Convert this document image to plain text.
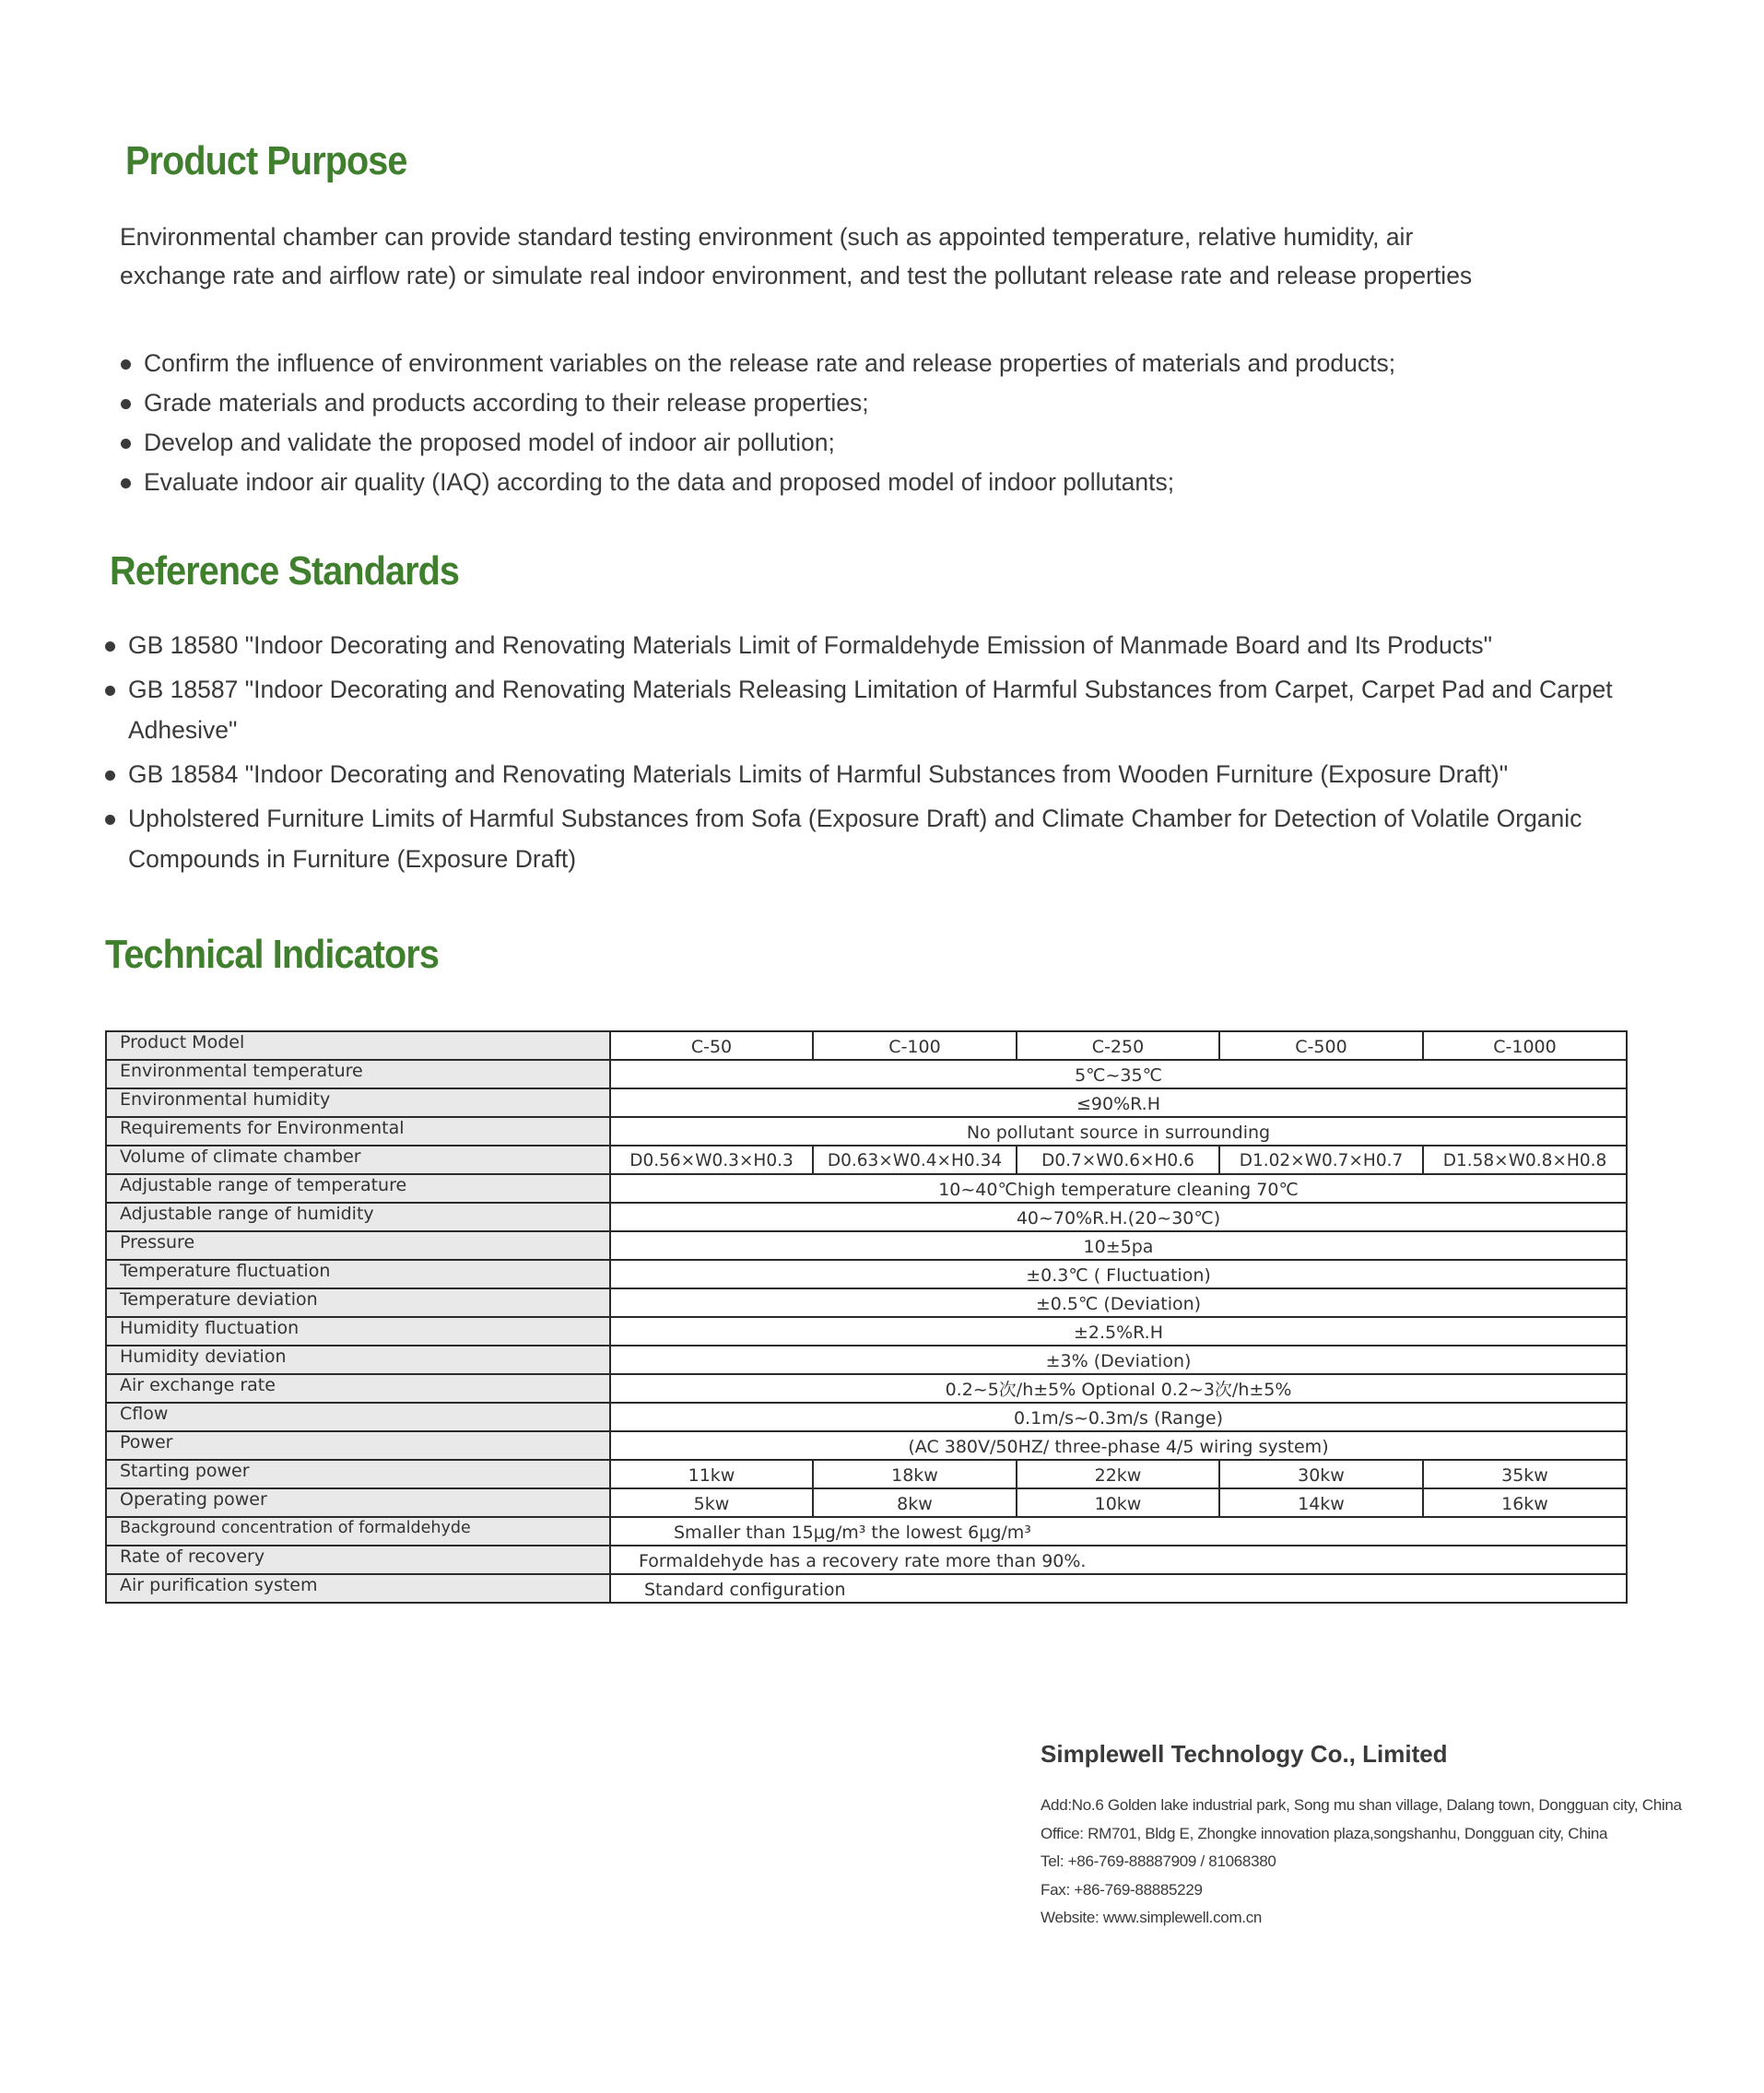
Product Purpose

Environmental chamber can provide standard testing environment (such as appointed temperature, relative humidity, air
exchange rate and airflow rate) or simulate real indoor environment, and test the pollutant release rate and release properties

Confirm the influence of environment variables on the release rate and release properties of materials and products;
Grade materials and products according to their release properties;
Develop and validate the proposed model of indoor air pollution;
Evaluate indoor air quality (IAQ) according to the data and proposed model of indoor pollutants;
Reference Standards
GB 18580 "Indoor Decorating and Renovating Materials Limit of Formaldehyde Emission of Manmade Board and Its Products"
GB 18587 "Indoor Decorating and Renovating Materials Releasing Limitation of Harmful Substances from Carpet, Carpet Pad and Carpet
Adhesive"
GB 18584 "Indoor Decorating and Renovating Materials Limits of Harmful Substances from Wooden Furniture (Exposure Draft)"
Upholstered Furniture Limits of Harmful Substances from Sofa (Exposure Draft) and Climate Chamber for Detection of Volatile Organic
Compounds in Furniture (Exposure Draft)
Technical Indicators
Product Model	C-50	C-100	C-250	C-500	C-1000
Environmental temperature	5℃~35℃				
Environmental humidity	≤90%R.H				
Requirements for Environmental	No pollutant source in surrounding				
Volume of climate chamber	D0.56×W0.3×H0.3	D0.63×W0.4×H0.34	D0.7×W0.6×H0.6	D1.02×W0.7×H0.7	D1.58×W0.8×H0.8
Adjustable range of temperature	10~40℃high temperature cleaning 70℃				
Adjustable range of humidity	40~70%R.H.(20~30℃)				
Pressure	10±5pa				
Temperature fluctuation	±0.3℃ ( Fluctuation)				
Temperature deviation	±0.5℃ (Deviation)				
Humidity fluctuation	±2.5%R.H				
Humidity deviation	±3% (Deviation)				
Air exchange rate	0.2~5次/h±5% Optional 0.2~3次/h±5%				
Cflow	0.1m/s~0.3m/s (Range)				
Power	(AC 380V/50HZ/ three-phase 4/5 wiring system)				
Starting power	11kw	18kw	22kw	30kw	35kw
Operating power	5kw	8kw	10kw	14kw	16kw
Background concentration of formaldehyde	Smaller than 15μg/m³ the lowest 6μg/m³				
Rate of recovery	Formaldehyde has a recovery rate more than 90%.				
Air purification system	Standard configuration				

Simplewell Technology Co., Limited

Add:No.6 Golden lake industrial park, Song mu shan village, Dalang town, Dongguan city, China
Office: RM701, Bldg E, Zhongke innovation plaza,songshanhu, Dongguan city, China
Tel: +86-769-88887909 / 81068380
Fax: +86-769-88885229
Website: www.simplewell.com.cn
